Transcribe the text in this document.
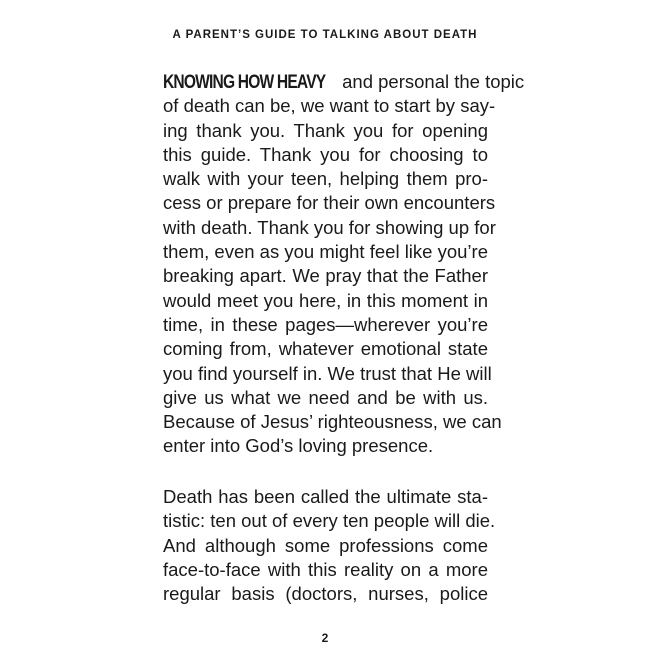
A PARENT’S GUIDE TO TALKING ABOUT DEATH
KNOWING HOW HEAVY and personal the topic
of death can be, we want to start by say-
ing thank you. Thank you for opening
this guide. Thank you for choosing to
walk with your teen, helping them pro-
cess or prepare for their own encounters
with death. Thank you for showing up for
them, even as you might feel like you’re
breaking apart. We pray that the Father
would meet you here, in this moment in
time, in these pages—wherever you’re
coming from, whatever emotional state
you find yourself in. We trust that He will
give us what we need and be with us.
Because of Jesus’ righteousness, we can
enter into God’s loving presence.
Death has been called the ultimate sta-
tistic: ten out of every ten people will die.
And although some professions come
face-to-face with this reality on a more
regular basis (doctors, nurses, police
2
